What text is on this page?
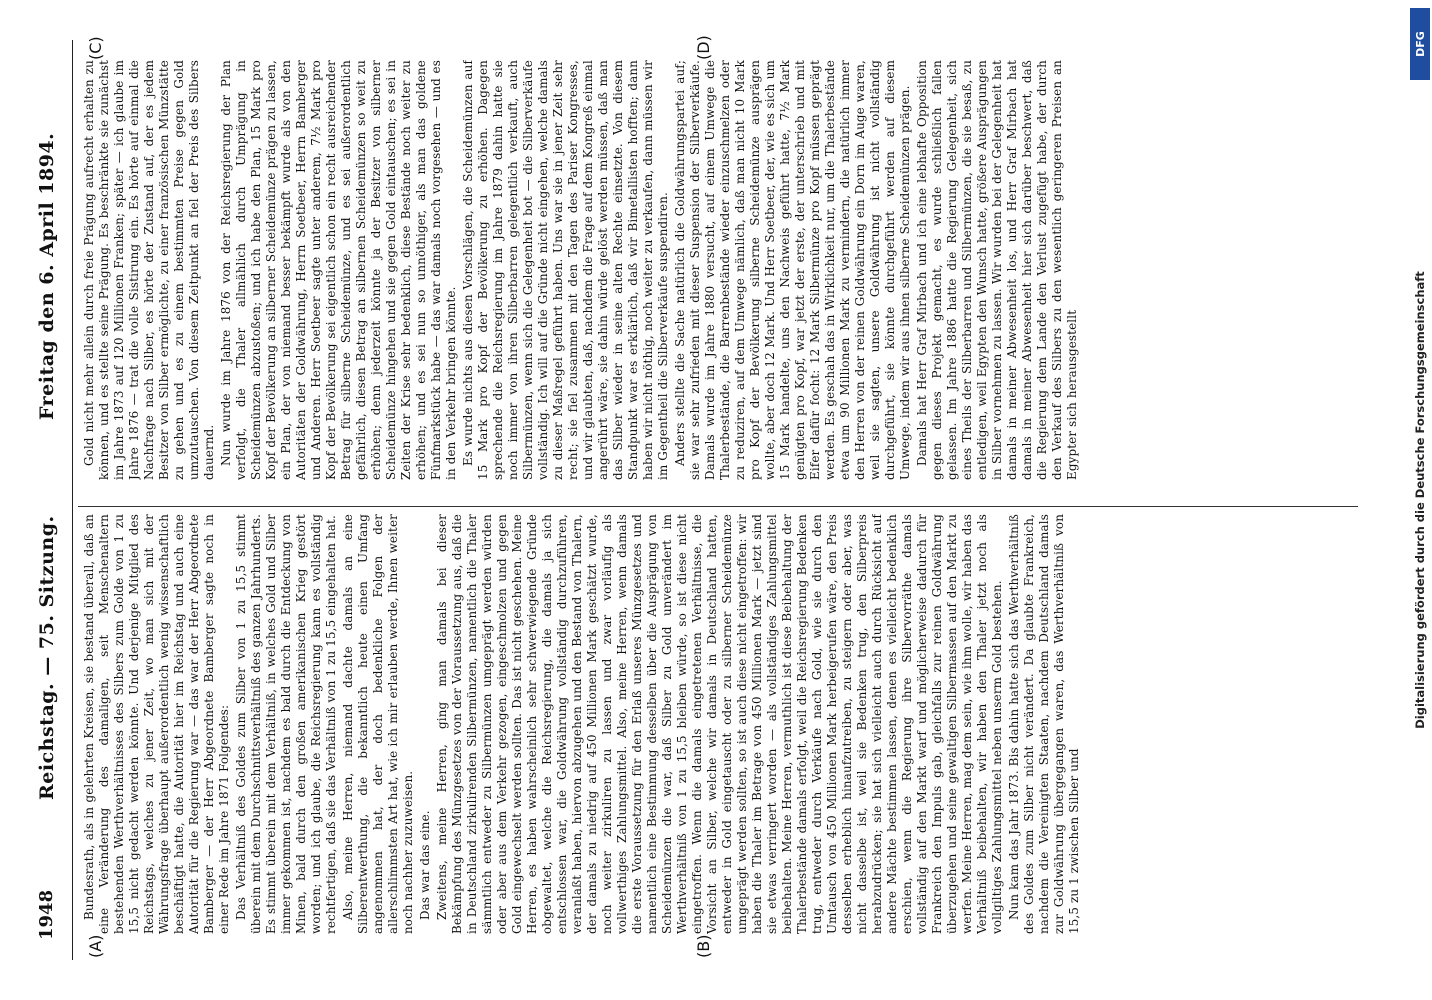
1948
Reichstag. — 75. Sitzung.
Freitag den 6. April 1894.
(A)	(B)
(C)	(D)

Bundesrath, als in gelehrten Kreisen, sie bestand überall, daß an eine Veränderung des damaligen, seit Menschenaltern bestehenden Werthverhältnisses des Silbers zum Golde von 1 zu 15,5 nicht gedacht werden könnte. Und derjenige Mitglied des Reichstags, welches zu jener Zeit, wo man sich mit der Währungsfrage überhaupt außerordentlich wenig wissenschaftlich beschäftigt hatte, die Autorität hier im Reichstag und auch eine Autorität für die Regierung war — das war der Herr Abgeordnete Bamberger — der Herr Abgeordnete Bamberger sagte noch in einer Rede im Jahre 1871 Folgendes: Das Verhältniß des Goldes zum Silber von 1 zu 15,5 stimmt überein mit dem Durchschnittsverhältniß des ganzen Jahrhunderts. Es stimmt überein mit dem Verhältniß, in welches Gold und Silber immer gekommen ist, nachdem es bald durch die Entdeckung von Minen, bald durch den großen amerikanischen Krieg gestört worden; und ich glaube, die Reichsregierung kann es vollständig rechtfertigen, daß sie das Verhältniß von 1 zu 15,5 eingehalten hat. Also, meine Herren, niemand dachte damals an eine Silberentwerthung, die bekanntlich heute einen Umfang angenommen hat, der doch bedenkliche Folgen der allerschlimmsten Art hat, wie ich mir erlauben werde, Ihnen weiter noch nachher zuzuweisen. Das war das eine. Zweitens, meine Herren, ging man damals bei dieser Bekämpfung des Münzgesetzes von der Voraussetzung aus, daß die in Deutschland zirkulirenden Silbermünzen, namentlich die Thaler sämmtlich entweder zu Silbermünzen umgeprägt werden würden oder aber aus dem Verkehr gezogen, eingeschmolzen und gegen Gold eingewechselt werden sollten. Das ist nicht geschehen. Meine Herren, es haben wahrscheinlich sehr schwerwiegende Gründe obgewaltet, welche die Reichsregierung, die damals ja sich entschlossen war, die Goldwährung vollständig durchzuführen, veranlaßt haben, hiervon abzugehen und den Bestand von Thalern, der damals zu niedrig auf 450 Millionen Mark geschätzt wurde, noch weiter zirkuliren zu lassen und zwar vorläufig als vollwerthiges Zahlungsmittel. Also, meine Herren, wenn damals die erste Voraussetzung für den Erlaß unseres Münzgesetzes und namentlich eine Bestimmung desselben über die Ausprägung von Scheidemünzen die war, daß Silber zu Gold unverändert im Werthverhältniß von 1 zu 15,5 bleiben würde, so ist diese nicht eingetroffen. Wenn die damals eingetretenen Verhältnisse, die Vorsicht an Silber, welche wir damals in Deutschland hatten, entweder in Gold eingetauscht oder zu silberner Scheidemünze umgeprägt werden sollten, so ist auch diese nicht eingetroffen: wir haben die Thaler im Betrage von 450 Millionen Mark — jetzt sind sie etwas verringert worden — als vollständiges Zahlungsmittel beibehalten. Meine Herren, vermuthlich ist diese Beibehaltung der Thalerbestände damals erfolgt, weil die Reichsregierung Bedenken trug, entweder durch Verkäufe nach Gold, wie sie durch den Umtausch von 450 Millionen Mark herbeigerufen wäre, den Preis desselben erheblich hinaufzutreiben, zu steigern oder aber, was nicht dasselbe ist, weil sie Bedenken trug, den Silberpreis herabzudrücken; sie hat sich vielleicht auch durch Rücksicht auf andere Mächte bestimmen lassen, denen es vielleicht bedenklich erschien, wenn die Regierung ihre Silbervorräthe damals vollständig auf den Markt warf und möglicherweise dadurch für Frankreich den Impuls gab, gleichfalls zur reinen Goldwährung überzugehen und seine gewaltigen Silbermassen auf den Markt zu werfen. Meine Herren, mag dem sein, wie ihm wolle, wir haben das Verhältniß beibehalten, wir haben den Thaler jetzt noch als vollgiltiges Zahlungsmittel neben unserm Gold bestehen. Nun kam das Jahr 1873. Bis dahin hatte sich das Werthverhältniß des Goldes zum Silber nicht verändert. Da glaubte Frankreich, nachdem die Vereinigten Staaten, nachdem Deutschland damals zur Goldwährung übergegangen waren, das Werthverhältniß von 15,5 zu 1 zwischen Silber und

Gold nicht mehr allein durch freie Prägung aufrecht erhalten zu können, und es stellte seine Prägung. Es beschränkte sie zunächst im Jahre 1873 auf 120 Millionen Franken; später — ich glaube im Jahre 1876 — trat die volle Sistirung ein. Es hörte auf einmal die Nachfrage nach Silber, es hörte der Zustand auf, der es jedem Besitzer von Silber ermöglichte, zu einer französischen Münzstätte zu gehen und es zu einem bestimmten Preise gegen Gold umzutauschen. Von diesem Zeitpunkt an fiel der Preis des Silbers dauernd. Nun wurde im Jahre 1876 von der Reichsregierung der Plan verfolgt, die Thaler allmählich durch Umprägung in Scheidemünzen abzustoßen; und ich habe den Plan, 15 Mark pro Kopf der Bevölkerung an silberner Scheidemünze prägen zu lassen, ein Plan, der von niemand besser bekämpft wurde als von den Autoritäten der Goldwährung, Herrn Soetbeer, Herrn Bamberger und Anderen. Herr Soetbeer sagte unter anderem, 7½ Mark pro Kopf der Bevölkerung sei eigentlich schon ein recht ausreichender Betrag für silberne Scheidemünze, und es sei außerordentlich gefährlich, diesen Betrag an silbernen Scheidemünzen so weit zu erhöhen; denn jederzeit könnte ja der Besitzer von silberner Scheidemünze hingehen und sie gegen Gold eintauschen; es sei in Zeiten der Krise sehr bedenklich, diese Bestände noch weiter zu erhöhen; und es sei nun so unnöthiger, als man das goldene Fünfmarkstück habe — das war damals noch vorgesehen — und es in den Verkehr bringen könnte. Es wurde nichts aus diesen Vorschlägen, die Scheidemünzen auf 15 Mark pro Kopf der Bevölkerung zu erhöhen. Dagegen sprechende die Reichsregierung im Jahre 1879 dahin hatte sie noch immer von ihren Silberbarren gelegentlich verkauft, auch Silbermünzen, wenn sich die Gelegenheit bot — die Silberverkäufe vollständig. Ich will auf die Gründe nicht eingehen, welche damals zu dieser Maßregel geführt haben. Uns war sie in jener Zeit sehr recht; sie fiel zusammen mit den Tagen des Pariser Kongresses, und wir glaubten, daß, nachdem die Frage auf dem Kongreß einmal angerührt wäre, sie dahin würde gelöst werden müssen, daß man das Silber wieder in seine alten Rechte einsetzte. Von diesem Standpunkt war es erklärlich, daß wir Bimetallisten hofften; dann haben wir nicht nöthig, noch weiter zu verkaufen, dann müssen wir im Gegentheil die Silberverkäufe suspendiren. Anders stellte die Sache natürlich die Goldwährungspartei auf; sie war sehr zufrieden mit dieser Suspension der Silberverkäufe. Damals wurde im Jahre 1880 versucht, auf einem Umwege die Thalerbestände, die Barrenbestände wieder einzuschmelzen oder zu reduziren, auf dem Umwege nämlich, daß man nicht 10 Mark pro Kopf der Bevölkerung silberne Scheidemünze ausprägen wollte, aber doch 12 Mark. Und Herr Soetbeer, der, wie es sich um 15 Mark handelte, uns den Nachweis geführt hatte, 7½ Mark genügten pro Kopf, war jetzt der erste, der unterschrieb und mit Eifer dafür focht: 12 Mark Silbermünze pro Kopf müssen geprägt werden. Es geschah das in Wirklichkeit nur, um die Thalerbestände etwa um 90 Millionen Mark zu vermindern, die natürlich immer den Herren von der reinen Goldwährung ein Dorn im Auge waren, weil sie sagten, unsere Goldwährung ist nicht vollständig durchgeführt, sie könnte durchgeführt werden auf diesem Umwege, indem wir aus ihnen silberne Scheidemünzen prägen. Damals hat Herr Graf Mirbach und ich eine lebhafte Opposition gegen dieses Projekt gemacht, es wurde schließlich fallen gelassen. Im Jahre 1886 hatte die Regierung Gelegenheit, sich eines Theils der Silberbarren und Silbermünzen, die sie besaß, zu entledigen, weil Egypten den Wunsch hatte, größere Ausprägungen in Silber vornehmen zu lassen. Wir wurden bei der Gelegenheit hat damals in meiner Abwesenheit los, und Herr Graf Mirbach hat damals in meiner Abwesenheit hier sich darüber beschwert, daß die Regierung dem Lande den Verlust zugefügt habe, der durch den Verkauf des Silbers zu den wesentlich geringeren Preisen an Egypter sich herausgestellt	Digitalisierung gefördert durch die Deutsche Forschungsgemeinschaft
DFG
